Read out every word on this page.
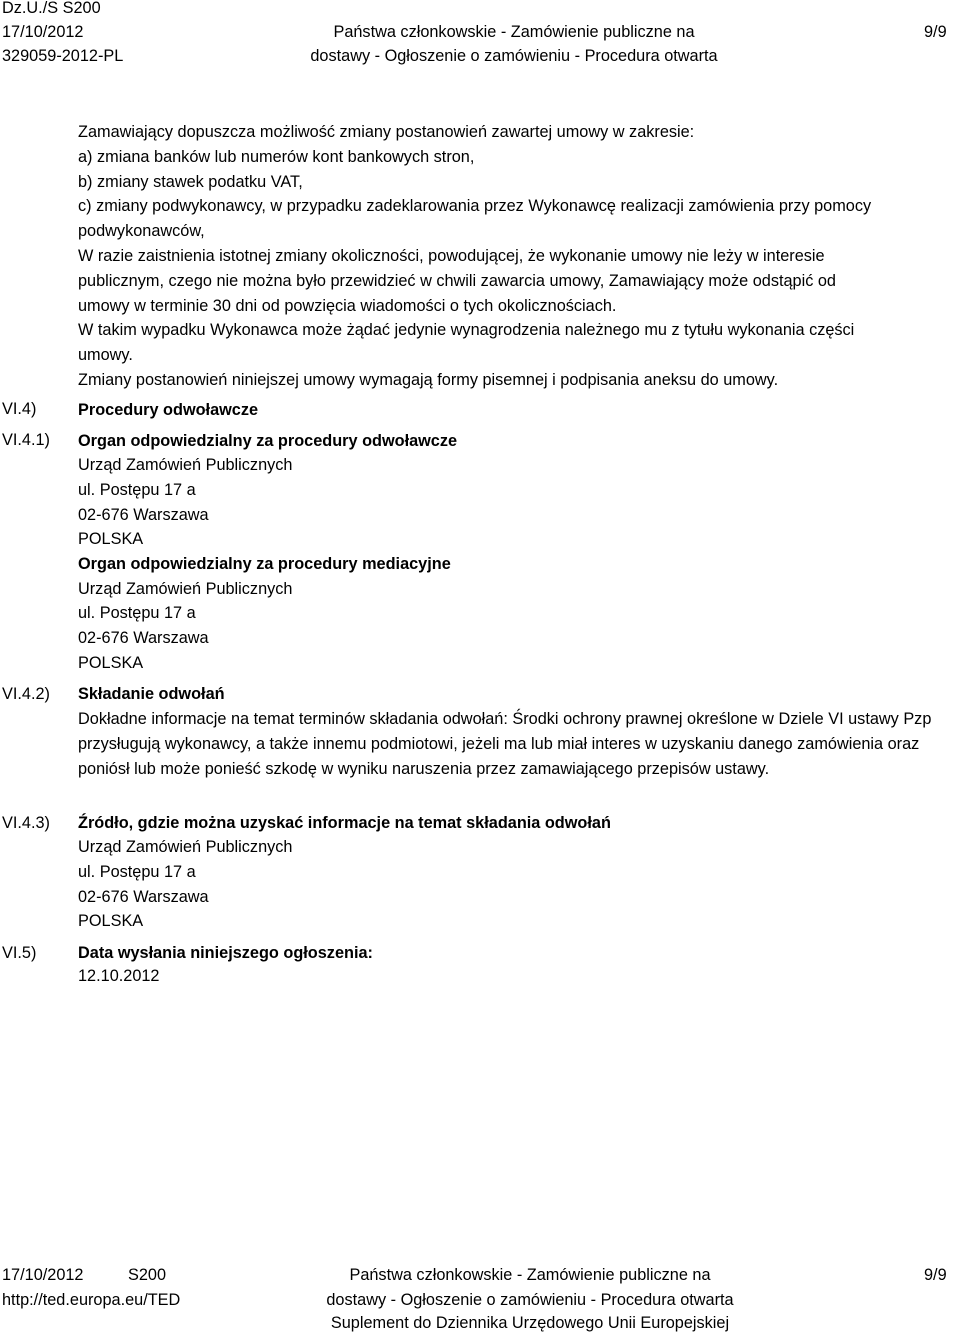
Dz.U./S S200
17/10/2012
329059-2012-PL
Państwa członkowskie - Zamówienie publiczne na
dostawy - Ogłoszenie o zamówieniu - Procedura otwarta
9/9
VI.4)
VI.4.1)
VI.4.2)
VI.4.3)
VI.5)
Zamawiający dopuszcza możliwość zmiany postanowień zawartej umowy w zakresie:
a) zmiana banków lub numerów kont bankowych stron,
b) zmiany stawek podatku VAT,
c) zmiany podwykonawcy, w przypadku zadeklarowania przez Wykonawcę realizacji zamówienia przy pomocy
podwykonawców,
W razie zaistnienia istotnej zmiany okoliczności, powodującej, że wykonanie umowy nie leży w interesie
publicznym, czego nie można było przewidzieć w chwili zawarcia umowy, Zamawiający może odstąpić od
umowy w terminie 30 dni od powzięcia wiadomości o tych okolicznościach.
W takim wypadku Wykonawca może żądać jedynie wynagrodzenia należnego mu z tytułu wykonania części
umowy.
Zmiany postanowień niniejszej umowy wymagają formy pisemnej i podpisania aneksu do umowy.
Procedury odwoławcze
Organ odpowiedzialny za procedury odwoławcze
Urząd Zamówień Publicznych
ul. Postępu 17 a
02-676 Warszawa
POLSKA
Organ odpowiedzialny za procedury mediacyjne
Urząd Zamówień Publicznych
ul. Postępu 17 a
02-676 Warszawa
POLSKA
Składanie odwołań
Dokładne informacje na temat terminów składania odwołań: Środki ochrony prawnej określone w Dziele VI ustawy Pzp przysługują wykonawcy, a także innemu podmiotowi, jeżeli ma lub miał interes w uzyskaniu danego zamówienia oraz poniósł lub może ponieść szkodę w wyniku naruszenia przez zamawiającego przepisów ustawy.
Źródło, gdzie można uzyskać informacje na temat składania odwołań
Urząd Zamówień Publicznych
ul. Postępu 17 a
02-676 Warszawa
POLSKA
Data wysłania niniejszego ogłoszenia:
12.10.2012
17/10/2012	S200
http://ted.europa.eu/TED
Państwa członkowskie - Zamówienie publiczne na
dostawy - Ogłoszenie o zamówieniu - Procedura otwarta
Suplement do Dziennika Urzędowego Unii Europejskiej
9/9
